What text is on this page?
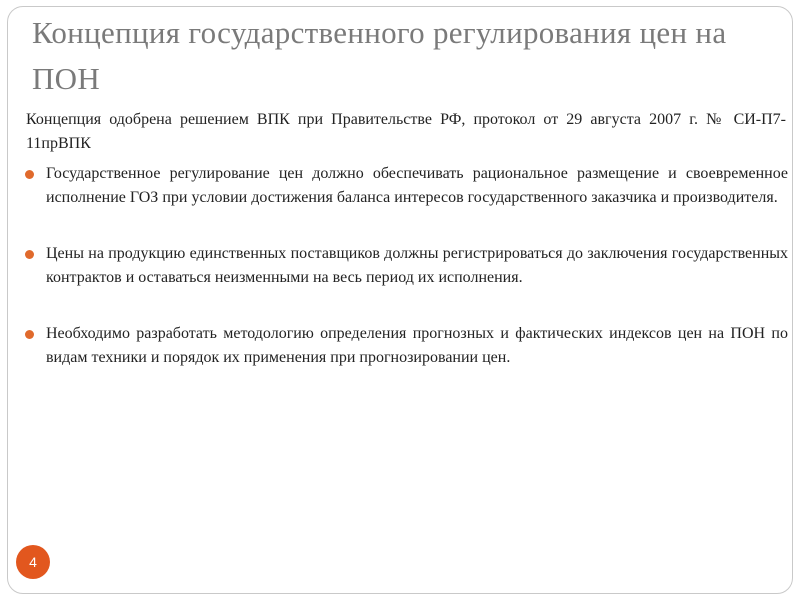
Концепция государственного регулирования цен на ПОН

Концепция одобрена решением ВПК при Правительстве РФ, протокол от 29 августа 2007 г. № СИ-П7-11прВПК

Государственное регулирование цен должно обеспечивать рациональное размещение и своевременное исполнение ГОЗ при условии достижения баланса интересов государственного заказчика и производителя.
Цены на продукцию единственных поставщиков должны регистрироваться до заключения государственных контрактов и оставаться неизменными на весь период их исполнения.
Необходимо разработать методологию определения прогнозных и фактических индексов цен на ПОН по видам техники и порядок их применения при прогнозировании цен.
4
